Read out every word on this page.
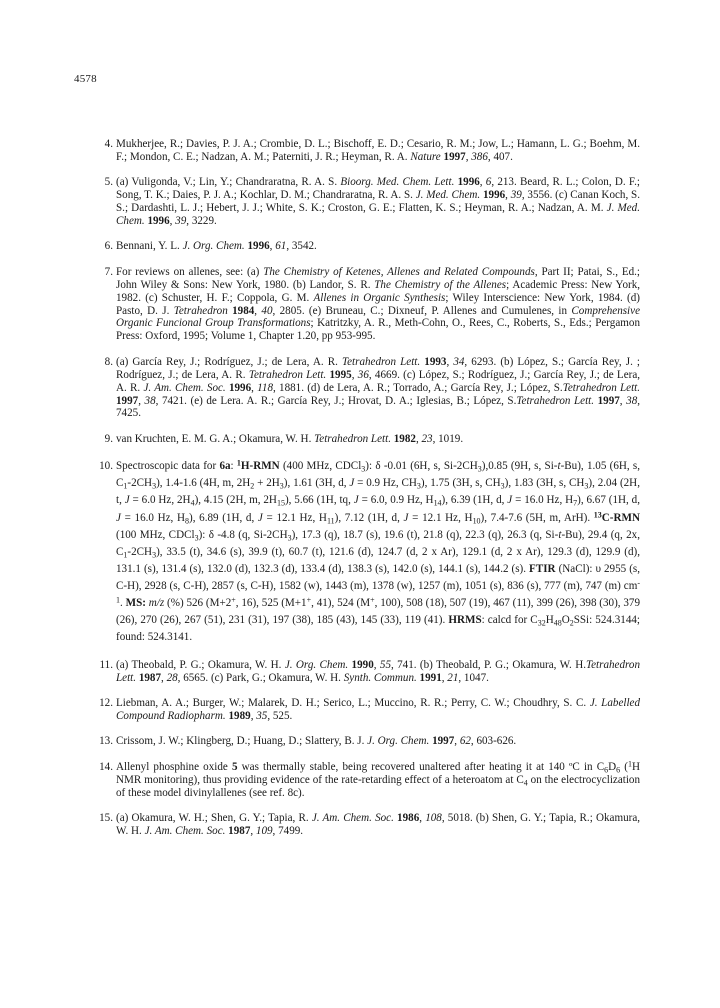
4578
4 . Mukherjee, R.; Davies, P. J. A.; Crombie, D. L.; Bischoff, E. D.; Cesario, R. M.; Jow, L.; Hamann, L. G.; Boehm, M. F.; Mondon, C. E.; Nadzan, A. M.; Paterniti, J. R.; Heyman, R. A. Nature 1997, 386, 407.
5 . (a) Vuligonda, V.; Lin, Y.; Chandraratna, R. A. S. Bioorg. Med. Chem. Lett. 1996, 6, 213. Beard, R. L.; Colon, D. F.; Song, T. K.; Daies, P. J. A.; Kochlar, D. M.; Chandraratna, R. A. S. J. Med. Chem. 1996, 39, 3556. (c) Canan Koch, S. S.; Dardashti, L. J.; Hebert, J. J.; White, S. K.; Croston, G. E.; Flatten, K. S.; Heyman, R. A.; Nadzan, A. M. J. Med. Chem. 1996, 39, 3229.
6 . Bennani, Y. L. J. Org. Chem. 1996, 61, 3542.
7 . For reviews on allenes, see: (a) The Chemistry of Ketenes, Allenes and Related Compounds, Part II; Patai, S., Ed.; John Wiley & Sons: New York, 1980. (b) Landor, S. R. The Chemistry of the Allenes; Academic Press: New York, 1982. (c) Schuster, H. F.; Coppola, G. M. Allenes in Organic Synthesis; Wiley Interscience: New York, 1984. (d) Pasto, D. J. Tetrahedron 1984, 40, 2805. (e) Bruneau, C.; Dixneuf, P. Allenes and Cumulenes, in Comprehensive Organic Funcional Group Transformations; Katritzky, A. R., Meth-Cohn, O., Rees, C., Roberts, S., Eds.; Pergamon Press: Oxford, 1995; Volume 1, Chapter 1.20, pp 953-995.
8 . (a) García Rey, J.; Rodríguez, J.; de Lera, A. R. Tetrahedron Lett. 1993, 34, 6293. (b) López, S.; García Rey, J. ; Rodríguez, J.; de Lera, A. R. Tetrahedron Lett. 1995, 36, 4669. (c) López, S.; Rodríguez, J.; García Rey, J.; de Lera, A. R. J. Am. Chem. Soc. 1996, 118, 1881. (d) de Lera, A. R.; Torrado, A.; García Rey, J.; López, S.Tetrahedron Lett. 1997, 38, 7421. (e) de Lera. A. R.; García Rey, J.; Hrovat, D. A.; Iglesias, B.; López, S.Tetrahedron Lett. 1997, 38, 7425.
9 . van Kruchten, E. M. G. A.; Okamura, W. H. Tetrahedron Lett. 1982, 23, 1019.
10 . Spectroscopic data for 6a: $^1$H-RMN (400 MHz, CDCl$_3$): δ -0.01 (6H, s, $Si-2CH_3),0.85$ (9H, s, Si-t-Bu), 1.05 (6H, s, $C_1-2CH_3$), 1.4-1.6 (4H, m, $2H_2 + 2H_3$), 1.61 (3H, d, J = 0.9 Hz, $CH_3$), 1.75 (3H, s, $CH_3$), 1.83 (3H, s, $CH_3$), 2.04 (2H, t, J = 6.0 Hz, $2H_4$), 4.15 (2H, m, $2H_{15}$), 5.66 (1H, tq, J = 6.0, 0.9 Hz, $H_{14}$), 6.39 (1H, d, J = 16.0 Hz, $H_7$), 6.67 (1H, d, J = 16.0 Hz, $H_8$), 6.89 (1H, d, J = 12.1 Hz, $H_{11}$), 7.12 (1H, d, J = 12.1 Hz, $H_{10}$), 7.4-7.6 (5H, m, ArH). $^{13}$C-RMN (100 MHz, CDCl$_3$): δ -4.8 (q, $Si-2CH_3$), 17.3 (q), 18.7 (s), 19.6 (t), 21.8 (q), 22.3 (q), 26.3 (q, Si-t-Bu), 29.4 (q, 2x, $C_1-2CH_3$), 33.5 (t), 34.6 (s), 39.9 (t), 60.7 (t), 121.6 (d), 124.7 (d, 2 x Ar), 129.1 (d, 2 x Ar), 129.3 (d), 129.9 (d), 131.1 (s), 131.4 (s), 132.0 (d), 132.3 (d), 133.4 (d), 138.3 (s), 142.0 (s), 144.1 (s), 144.2 (s). FTIR (NaCl): υ 2955 (s, C-H), 2928 (s, C-H), 2857 (s, C-H), 1582 (w), 1443 (m), 1378 (w), 1257 (m), 1051 (s), 836 (s), 777 (m), 747 (m) $cm^{-1}$. MS: m/z (%) 526 (M+2+, 16), 525 (M+1+, 41), 524 (M+, 100), 508 (18), 507 (19), 467 (11), 399 (26), 398 (30), 379 (26), 270 (26), 267 (51), 231 (31), 197 (38), 185 (43), 145 (33), 119 (41). HRMS: calcd for $C_{32}H_{48}O_2SSi$: 524.3144; found: 524.3141.
11 . (a) Theobald, P. G.; Okamura, W. H. J. Org. Chem. 1990, 55, 741. (b) Theobald, P. G.; Okamura, W. H.Tetrahedron Lett. 1987, 28, 6565. (c) Park, G.; Okamura, W. H. Synth. Commun. 1991, 21, 1047.
12 . Liebman, A. A.; Burger, W.; Malarek, D. H.; Serico, L.; Muccino, R. R.; Perry, C. W.; Choudhry, S. C. J. Labelled Compound Radiopharm. 1989, 35, 525.
13 . Crissom, J. W.; Klingberg, D.; Huang, D.; Slattery, B. J. J. Org. Chem. 1997, 62, 603-626.
14 . Allenyl phosphine oxide 5 was thermally stable, being recovered unaltered after heating it at 140 ºC in $C_6D_6$ ($^1$H NMR monitoring), thus providing evidence of the rate-retarding effect of a heteroatom at $C_4$ on the electrocyclization of these model divinylallenes (see ref. 8c).
15 . (a) Okamura, W. H.; Shen, G. Y.; Tapia, R. J. Am. Chem. Soc. 1986, 108, 5018. (b) Shen, G. Y.; Tapia, R.; Okamura, W. H. J. Am. Chem. Soc. 1987, 109, 7499.
